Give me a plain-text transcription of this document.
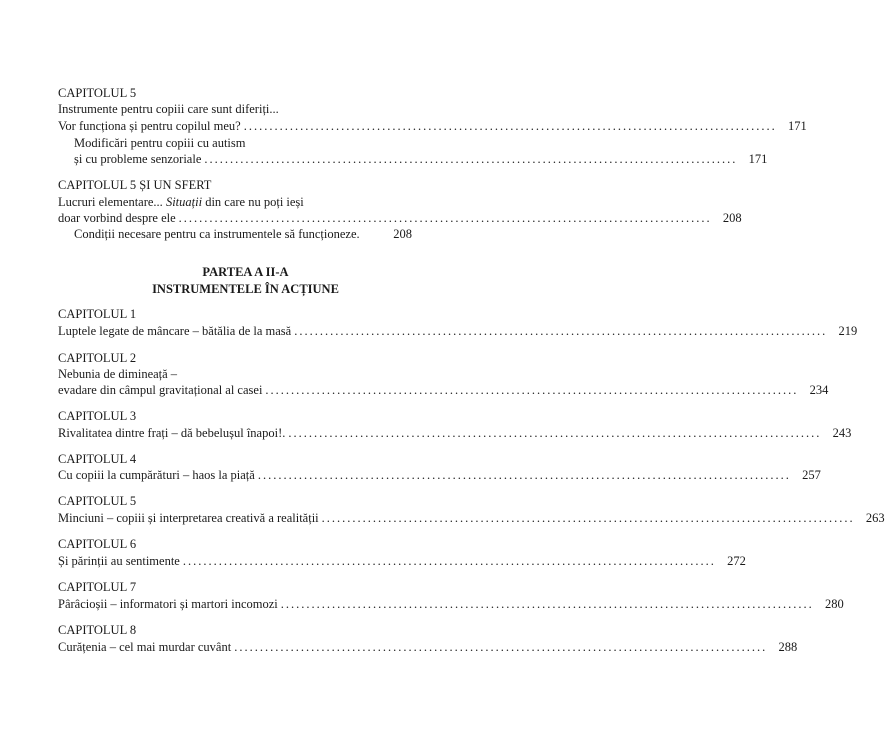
CAPITOLUL 5
Instrumente pentru copiii care sunt diferiți...
Vor funcționa și pentru copilul meu? ........................................................................................................ 171
Modificări pentru copiii cu autism
și cu probleme senzoriale ........................................................................................................ 171
CAPITOLUL 5 ȘI UN SFERT
Lucruri elementare... Situații din care nu poți ieși
doar vorbind despre ele ........................................................................................................ 208
Condiții necesare pentru ca instrumentele să funcționeze.	208
PARTEA A II-A
INSTRUMENTELE ÎN ACȚIUNE
CAPITOLUL 1
Luptele legate de mâncare – bătălia de la masă ........................................................................................................ 219
CAPITOLUL 2
Nebunia de dimineață –
evadare din câmpul gravitațional al casei ........................................................................................................ 234
CAPITOLUL 3
Rivalitatea dintre frați – dă bebelușul înapoi!. ........................................................................................................ 243
CAPITOLUL 4
Cu copiii la cumpărături – haos la piață ........................................................................................................ 257
CAPITOLUL 5
Minciuni – copiii și interpretarea creativă a realității ........................................................................................................ 263
CAPITOLUL 6
Și părinții au sentimente ........................................................................................................ 272
CAPITOLUL 7
Pârâcioșii – informatori și martori incomozi ........................................................................................................ 280
CAPITOLUL 8
Curățenia – cel mai murdar cuvânt ........................................................................................................ 288
